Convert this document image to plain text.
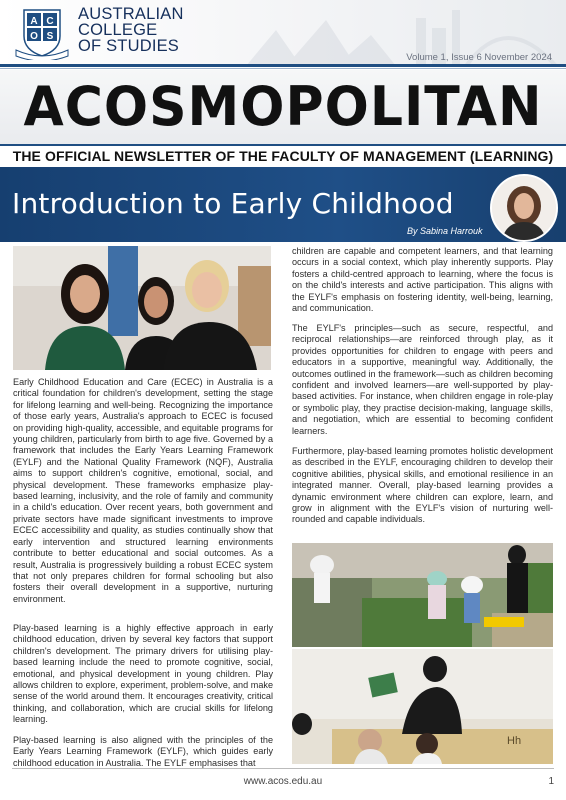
A C
O S
AUSTRALIAN
COLLEGE
OF STUDIES
Volume 1, Issue 6 November 2024
ACOSMOPOLITAN
THE OFFICIAL NEWSLETTER OF THE FACULTY OF MANAGEMENT (LEARNING)
Introduction to Early Childhood
By Sabina Harrouk

Early Childhood Education and Care (ECEC) in Australia is a critical foundation for children's development, setting the stage for lifelong learning and well-being. Recognizing the importance of those early years, Australia's approach to ECEC is focused on providing high-quality, accessible, and equitable programs for young children, particularly from birth to age five. Governed by a framework that includes the Early Years Learning Framework (EYLF) and the National Quality Framework (NQF), Australia aims to support children's cognitive, emotional, social, and physical development. These frameworks emphasize play-based learning, inclusivity, and the role of family and community in a child's education. Over recent years, both government and private sectors have made significant investments to improve ECEC accessibility and quality, as studies continually show that early intervention and structured learning environments contribute to better educational and social outcomes. As a result, Australia is progressively building a robust ECEC system that not only prepares children for formal schooling but also fosters their overall development in a supportive, nurturing environment.

Play-based learning is a highly effective approach in early childhood education, driven by several key factors that support children's development. The primary drivers for utilising play-based learning include the need to promote cognitive, social, emotional, and physical development in young children. Play allows children to explore, experiment, problem-solve, and make sense of the world around them. It encourages creativity, critical thinking, and collaboration, which are crucial skills for lifelong learning.

Play-based learning is also aligned with the principles of the Early Years Learning Framework (EYLF), which guides early childhood education in Australia. The EYLF emphasises that

children are capable and competent learners, and that learning occurs in a social context, which play inherently supports. Play fosters a child-centred approach to learning, where the focus is on the child's interests and active participation. This aligns with the EYLF's emphasis on fostering identity, well-being, learning, and communication.

The EYLF's principles—such as secure, respectful, and reciprocal relationships—are reinforced through play, as it provides opportunities for children to engage with peers and educators in a supportive, meaningful way. Additionally, the outcomes outlined in the framework—such as children becoming confident and involved learners—are well-supported by play-based activities. For instance, when children engage in role-play or symbolic play, they practise decision-making, language skills, and negotiation, which are essential to becoming confident learners.

Furthermore, play-based learning promotes holistic development as described in the EYLF, encouraging children to develop their cognitive abilities, physical skills, and emotional resilience in an integrated manner. Overall, play-based learning provides a dynamic environment where children can explore, learn, and grow in alignment with the EYLF's vision of nurturing well-rounded and capable individuals.

Hh
www.acos.edu.au	1
